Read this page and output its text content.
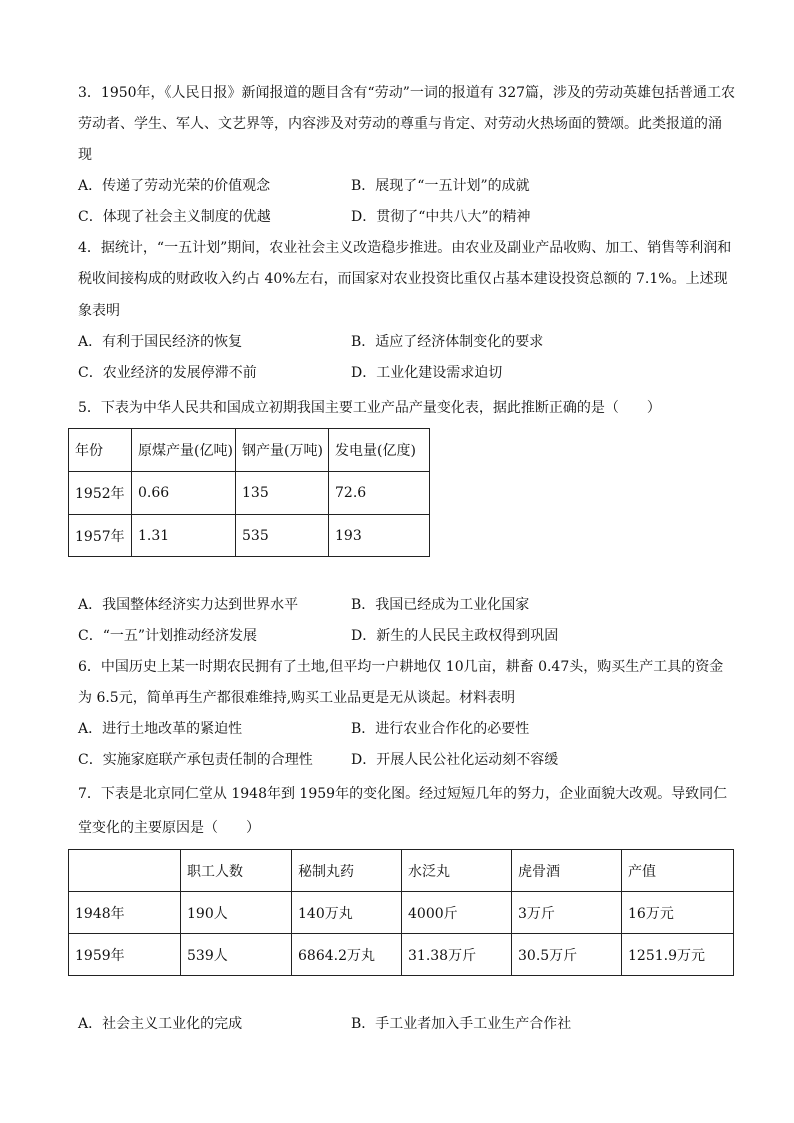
3．1950年，《人民日报》新闻报道的题目含有“劳动”一词的报道有 327篇，涉及的劳动英雄包括普通工农
劳动者、学生、军人、文艺界等，内容涉及对劳动的尊重与肯定、对劳动火热场面的赞颂。此类报道的涌
现
A．传递了劳动光荣的价值观念	B．展现了“一五计划”的成就
C．体现了社会主义制度的优越	D．贯彻了“中共八大”的精神
4．据统计，“一五计划”期间，农业社会主义改造稳步推进。由农业及副业产品收购、加工、销售等利润和
税收间接构成的财政收入约占 40%左右，而国家对农业投资比重仅占基本建设投资总额的 7.1%。上述现
象表明
A．有利于国民经济的恢复	B．适应了经济体制变化的要求
C．农业经济的发展停滞不前	D．工业化建设需求迫切
5．下表为中华人民共和国成立初期我国主要工业产品产量变化表，据此推断正确的是（　　）
年份	原煤产量(亿吨)	钢产量(万吨)	发电量(亿度)
1952年	0.66	135	72.6
1957年	1.31	535	193
A．我国整体经济实力达到世界水平	B．我国已经成为工业化国家
C．“一五”计划推动经济发展	D．新生的人民民主政权得到巩固
6．中国历史上某一时期农民拥有了土地,但平均一户耕地仅 10几亩，耕畜 0.47头，购买生产工具的资金
为 6.5元，简单再生产都很难维持,购买工业品更是无从谈起。材料表明
A．进行土地改革的紧迫性	B．进行农业合作化的必要性
C．实施家庭联产承包责任制的合理性	D．开展人民公社化运动刻不容缓
7．下表是北京同仁堂从 1948年到 1959年的变化图。经过短短几年的努力，企业面貌大改观。导致同仁
堂变化的主要原因是（　　）
	职工人数	秘制丸药	水泛丸	虎骨酒	产值
1948年	190人	140万丸	4000斤	3万斤	16万元
1959年	539人	6864.2万丸	31.38万斤	30.5万斤	1251.9万元
A．社会主义工业化的完成	B．手工业者加入手工业生产合作社
